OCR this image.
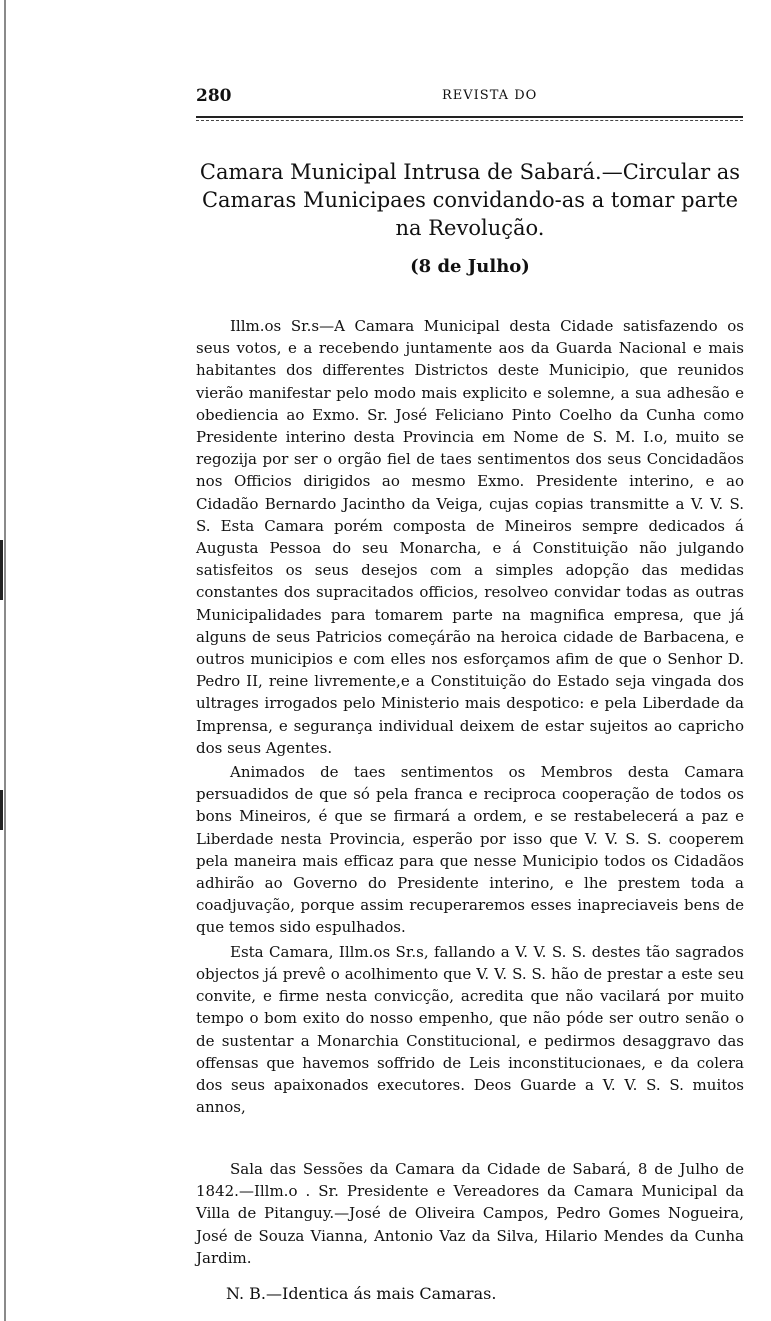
280	REVISTA DO
Camara Municipal Intrusa de Sabará.—Circular as Camaras Municipaes convidando-as a tomar parte na Revolução.
(8 de Julho)

Illm.os Sr.s—A Camara Municipal desta Cidade satisfazendo os seus votos, e a recebendo juntamente aos da Guarda Nacional e mais habitantes dos differentes Districtos deste Municipio, que reunidos vierão manifestar pelo modo mais explicito e solemne, a sua adhesão e obediencia ao Exmo. Sr. José Feliciano Pinto Coelho da Cunha como Presidente interino desta Provincia em Nome de S. M. I.o, muito se regozija por ser o orgão fiel de taes sentimentos dos seus Concidadãos nos Officios dirigidos ao mesmo Exmo. Presidente interino, e ao Cidadão Bernardo Jacintho da Veiga, cujas copias transmitte a V. V. S. S. Esta Camara porém composta de Mineiros sempre dedicados á Augusta Pessoa do seu Monarcha, e á Constituição não julgando satisfeitos os seus desejos com a simples adopção das medidas constantes dos supracitados officios, resolveo convidar todas as outras Municipalidades para tomarem parte na magnifica empresa, que já alguns de seus Patricios começárão na heroica cidade de Barbacena, e outros municipios e com elles nos esforçamos afim de que o Senhor D. Pedro II, reine livremente,e a Constituição do Estado seja vingada dos ultrages irrogados pelo Ministerio mais despotico: e pela Liberdade da Imprensa, e segurança individual deixem de estar sujeitos ao capricho dos seus Agentes.

Animados de taes sentimentos os Membros desta Camara persuadidos de que só pela franca e reciproca cooperação de todos os bons Mineiros, é que se firmará a ordem, e se restabelecerá a paz e Liberdade nesta Provincia, esperão por isso que V. V. S. S. cooperem pela maneira mais efficaz para que nesse Municipio todos os Cidadãos adhirão ao Governo do Presidente interino, e lhe prestem toda a coadjuvação, porque assim recuperaremos esses inapreciaveis bens de que temos sido espulhados.

Esta Camara, Illm.os Sr.s, fallando a V. V. S. S. destes tão sagrados objectos já prevê o acolhimento que V. V. S. S. hão de prestar a este seu convite, e firme nesta convicção, acredita que não vacilará por muito tempo o bom exito do nosso empenho, que não póde ser outro senão o de sustentar a Monarchia Constitucional, e pedirmos desaggravo das offensas que havemos soffrido de Leis inconstitucionaes, e da colera dos seus apaixonados executores. Deos Guarde a V. V. S. S. muitos annos,

Sala das Sessões da Camara da Cidade de Sabará, 8 de Julho de 1842.—Illm.o . Sr. Presidente e Vereadores da Camara Municipal da Villa de Pitanguy.—José de Oliveira Campos, Pedro Gomes Nogueira, José de Souza Vianna, Antonio Vaz da Silva, Hilario Mendes da Cunha Jardim.
N. B.—Identica ás mais Camaras.
